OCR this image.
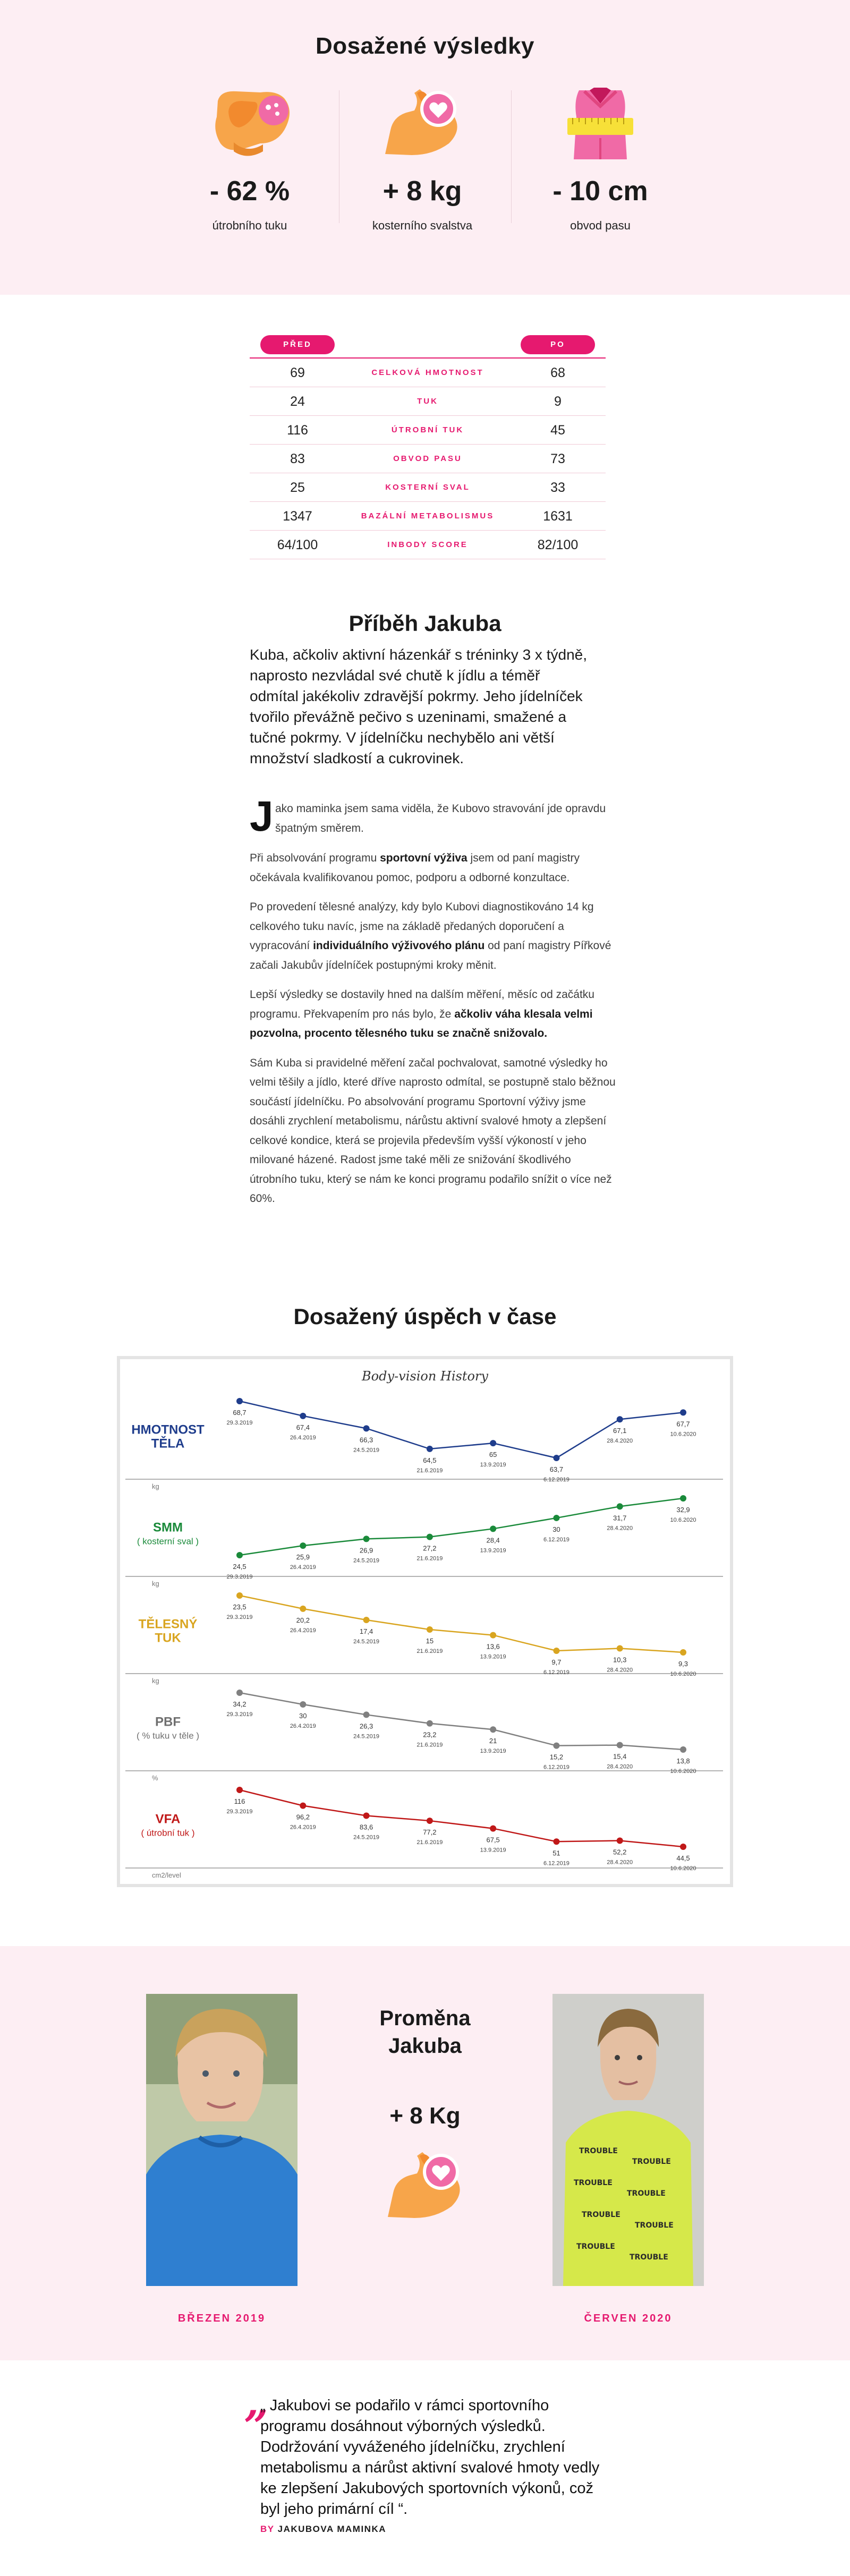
Dosažené výsledky
- 62 %
útrobního tuku
+ 8 kg
kosterního svalstva
- 10 cm
obvod pasu
PŘED	PO
69	CELKOVÁ HMOTNOST	68
24	TUK	9
116	ÚTROBNÍ TUK	45
83	OBVOD PASU	73
25	KOSTERNÍ SVAL	33
1347	BAZÁLNÍ METABOLISMUS	1631
64/100	INBODY SCORE	82/100
Příběh Jakuba

Kuba, ačkoliv aktivní házenkář s tréninky 3 x týdně, naprosto nezvládal své chutě k jídlu a téměř odmítal jakékoliv zdravější pokrmy. Jeho jídelníček tvořilo převážně pečivo s uzeninami, smažené a tučné pokrmy. V jídelníčku nechybělo ani větší množství sladkostí a cukrovinek.

J ako maminka jsem sama viděla, že Kubovo stravování jde opravdu špatným směrem.

Při absolvování programu sportovní výživa jsem od paní magistry očekávala kvalifikovanou pomoc, podporu a odborné konzultace.

Po provedení tělesné analýzy, kdy bylo Kubovi diagnostikováno 14 kg celkového tuku navíc, jsme na základě předaných doporučení a vypracování individuálního výživového plánu od paní magistry Pířkové začali Jakubův jídelníček postupnými kroky měnit.

Lepší výsledky se dostavily hned na dalším měření, měsíc od začátku programu. Překvapením pro nás bylo, že ačkoliv váha klesala velmi pozvolna, procento tělesného tuku se značně snižovalo.

Sám Kuba si pravidelné měření začal pochvalovat, samotné výsledky ho velmi těšily a jídlo, které dříve naprosto odmítal, se postupně stalo běžnou součástí jídelníčku. Po absolvování programu Sportovní výživy jsme dosáhli zrychlení metabolismu, nárůstu aktivní svalové hmoty a zlepšení celkové kondice, která se projevila především vyšší výkoností v jeho milované házené. Radost jsme také měli ze snižování škodlivého útrobního tuku, který se nám ke konci programu podařilo snížit o více než 60%.

Dosažený úspěch v čase
Body-vision History
HMOTNOST
TĚLA
kg
68,7
29.3.2019
67,4
26.4.2019	66,3
24.5.2019
64,5
21.6.2019
65
13.9.2019
63,7
6.12.2019
67,1
28.4.2020
67,7
10.6.2020
SMM
( kosterní sval )
kg
24,5
29.3.2019
25,9
26.4.2019
26,9
24.5.2019
27,2
21.6.2019
28,4
13.9.2019
30
6.12.2019
31,7
28.4.2020
32,9
10.6.2020
TĚLESNÝ
TUK
kg
23,5
29.3.2019	20,2
26.4.2019	17,4
24.5.2019	15
21.6.2019
13,6
13.9.2019
9,7
6.12.2019
10,3
28.4.2020
9,3
10.6.2020
PBF
( % tuku v těle )
%
34,2
29.3.2019	30
26.4.2019	26,3
24.5.2019	23,2
21.6.2019
21
13.9.2019
15,2
6.12.2019
15,4
28.4.2020
13,8
10.6.2020
VFA
( útrobní tuk )
cm2/level
116
29.3.2019
96,2
26.4.2019	83,6
24.5.2019
77,2
21.6.2019	67,5
13.9.2019	51
6.12.2019
52,2
28.4.2020
44,5
10.6.2020
BŘEZEN 2019
Proměna
Jakuba
+ 8 Kg
TROUBLE
TROUBLE
TROUBLE
TROUBLE
TROUBLE
TROUBLE
TROUBLE
TROUBLE
ČERVEN 2020
„

„ Jakubovi se podařilo v rámci sportovního programu dosáhnout výborných výsledků. Dodržování vyváženého jídelníčku, zrychlení metabolismu a nárůst aktivní svalové hmoty vedly ke zlepšení Jakubových sportovních výkonů, což byl jeho primární cíl “.

BY JAKUBOVA MAMINKA
